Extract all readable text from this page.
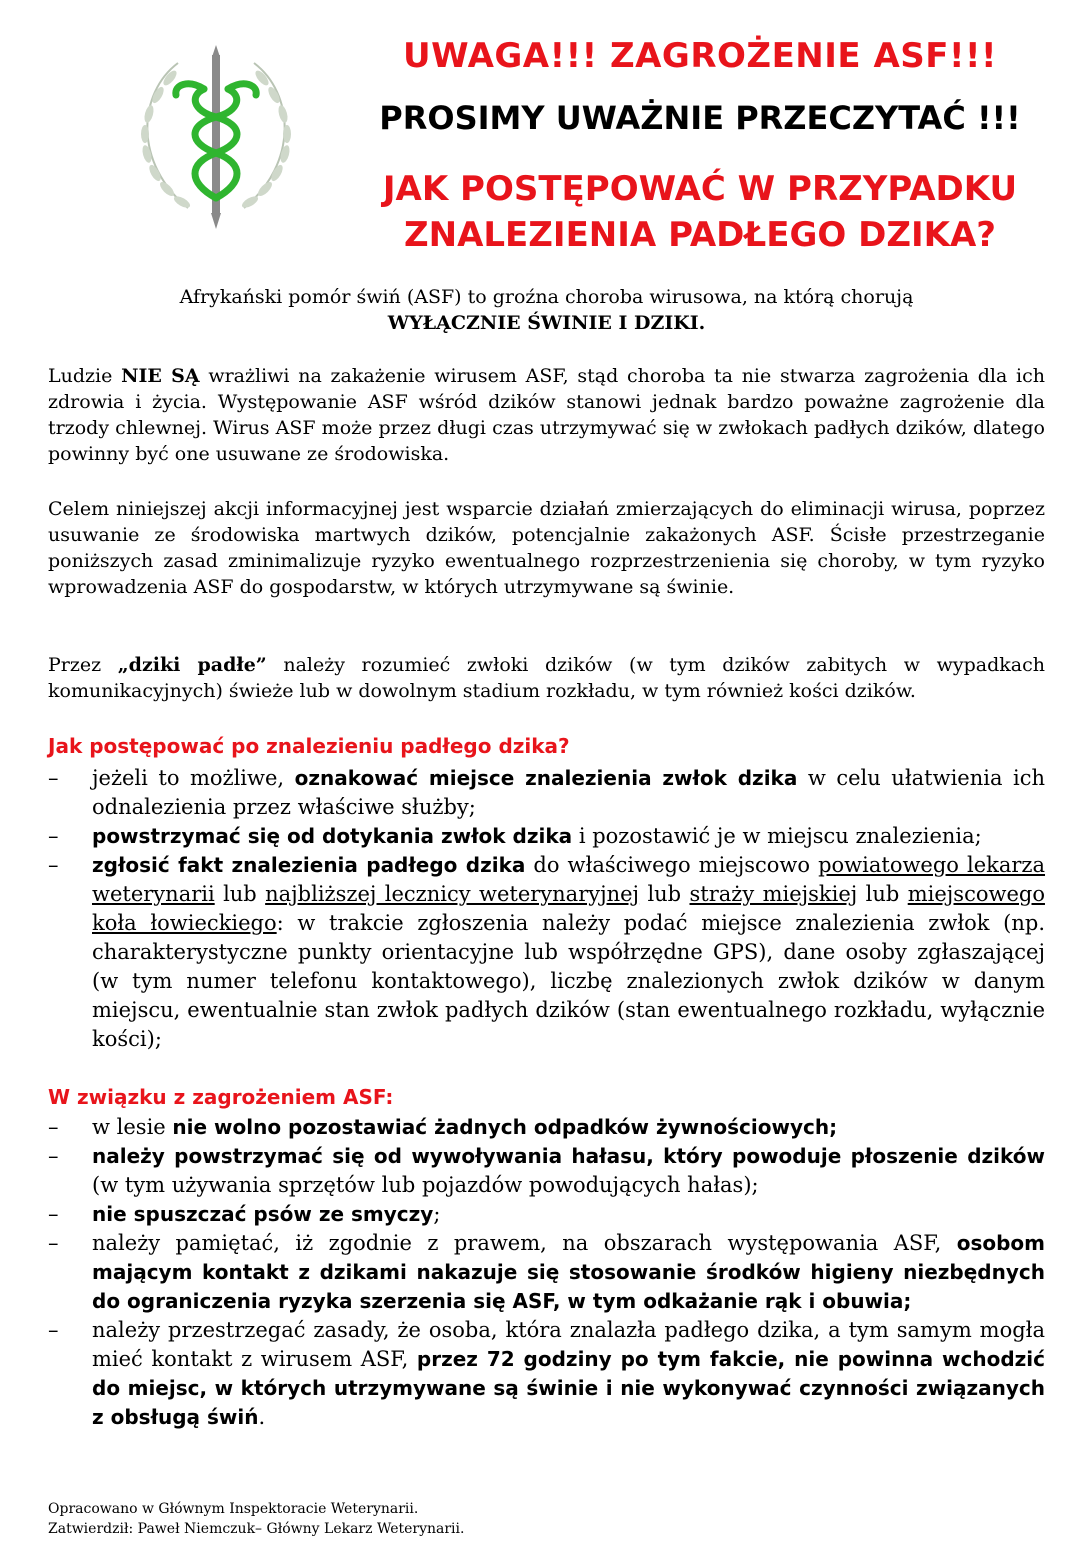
UWAGA!!! ZAGROŻENIE ASF!!!
PROSIMY UWAŻNIE PRZECZYTAĆ !!!
JAK POSTĘPOWAĆ W PRZYPADKU
ZNALEZIENIA PADŁEGO DZIKA?
Afrykański pomór świń (ASF) to groźna choroba wirusowa, na którą chorują
WYŁĄCZNIE ŚWINIE I DZIKI.
Ludzie NIE SĄ wrażliwi na zakażenie wirusem ASF, stąd choroba ta nie stwarza zagrożenia dla ich zdrowia i życia. Występowanie ASF wśród dzików stanowi jednak bardzo poważne zagrożenie dla trzody chlewnej. Wirus ASF może przez długi czas utrzymywać się w zwłokach padłych dzików, dlatego powinny być one usuwane ze środowiska.
Celem niniejszej akcji informacyjnej jest wsparcie działań zmierzających do eliminacji wirusa, poprzez usuwanie ze środowiska martwych dzików, potencjalnie zakażonych ASF. Ścisłe przestrzeganie poniższych zasad zminimalizuje ryzyko ewentualnego rozprzestrzenienia się choroby, w tym ryzyko wprowadzenia ASF do gospodarstw, w których utrzymywane są świnie.
Przez „dziki padłe” należy rozumieć zwłoki dzików (w tym dzików zabitych w wypadkach komunikacyjnych) świeże lub w dowolnym stadium rozkładu, w tym również kości dzików.
Jak postępować po znalezieniu padłego dzika?
– jeżeli to możliwe, oznakować miejsce znalezienia zwłok dzika w celu ułatwienia ich odnalezienia przez właściwe służby;
– powstrzymać się od dotykania zwłok dzika i pozostawić je w miejscu znalezienia;
– zgłosić fakt znalezienia padłego dzika do właściwego miejscowo powiatowego lekarza weterynarii lub najbliższej lecznicy weterynaryjnej lub straży miejskiej lub miejscowego koła łowieckiego: w trakcie zgłoszenia należy podać miejsce znalezienia zwłok (np. charakterystyczne punkty orientacyjne lub współrzędne GPS), dane osoby zgłaszającej (w tym numer telefonu kontaktowego), liczbę znalezionych zwłok dzików w danym miejscu, ewentualnie stan zwłok padłych dzików (stan ewentualnego rozkładu, wyłącznie kości);
W związku z zagrożeniem ASF:
– w lesie nie wolno pozostawiać żadnych odpadków żywnościowych;
– należy powstrzymać się od wywoływania hałasu, który powoduje płoszenie dzików (w tym używania sprzętów lub pojazdów powodujących hałas);
– nie spuszczać psów ze smyczy;
– należy pamiętać, iż zgodnie z prawem, na obszarach występowania ASF, osobom mającym kontakt z dzikami nakazuje się stosowanie środków higieny niezbędnych do ograniczenia ryzyka szerzenia się ASF, w tym odkażanie rąk i obuwia;
– należy przestrzegać zasady, że osoba, która znalazła padłego dzika, a tym samym mogła mieć kontakt z wirusem ASF, przez 72 godziny po tym fakcie, nie powinna wchodzić do miejsc, w których utrzymywane są świnie i nie wykonywać czynności związanych z obsługą świń.
Opracowano w Głównym Inspektoracie Weterynarii.
Zatwierdził: Paweł Niemczuk– Główny Lekarz Weterynarii.
